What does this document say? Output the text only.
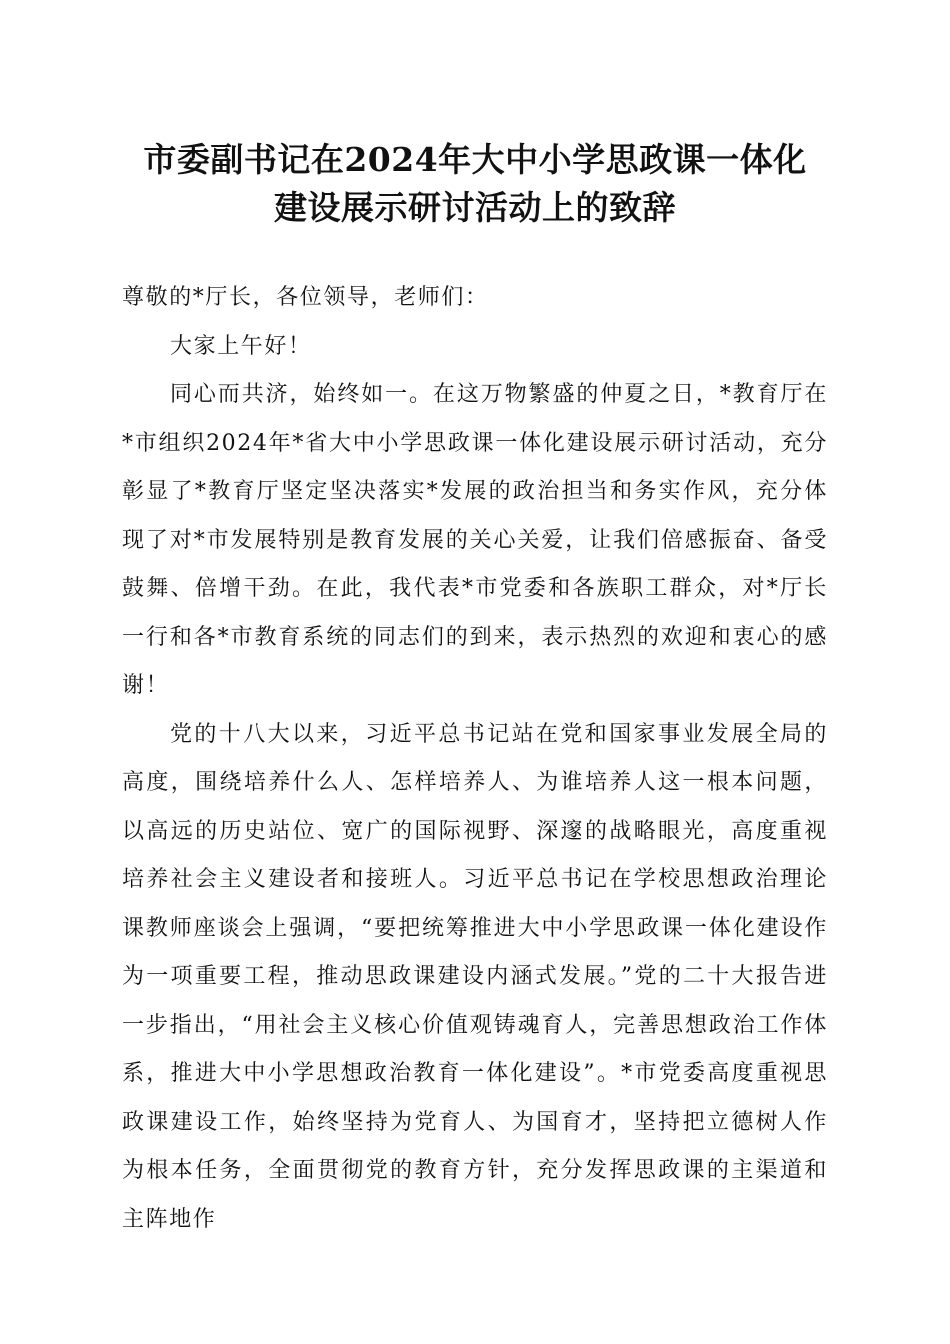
市委副书记在2024年大中小学思政课一体化
建设展示研讨活动上的致辞

尊敬的*厅长，各位领导，老师们：

大家上午好！

同心而共济，始终如一。在这万物繁盛的仲夏之日，*教育厅在*市组织2024年*省大中小学思政课一体化建设展示研讨活动，充分彰显了*教育厅坚定坚决落实*发展的政治担当和务实作风，充分体现了对*市发展特别是教育发展的关心关爱，让我们倍感振奋、备受鼓舞、倍增干劲。在此，我代表*市党委和各族职工群众，对*厅长一行和各*市教育系统的同志们的到来，表示热烈的欢迎和衷心的感谢！

党的十八大以来，习近平总书记站在党和国家事业发展全局的高度，围绕培养什么人、怎样培养人、为谁培养人这一根本问题，以高远的历史站位、宽广的国际视野、深邃的战略眼光，高度重视培养社会主义建设者和接班人。习近平总书记在学校思想政治理论课教师座谈会上强调，“要把统筹推进大中小学思政课一体化建设作为一项重要工程，推动思政课建设内涵式发展。”党的二十大报告进一步指出，“用社会主义核心价值观铸魂育人，完善思想政治工作体系，推进大中小学思想政治教育一体化建设”。*市党委高度重视思政课建设工作，始终坚持为党育人、为国育才，坚持把立德树人作为根本任务，全面贯彻党的教育方针，充分发挥思政课的主渠道和主阵地作
